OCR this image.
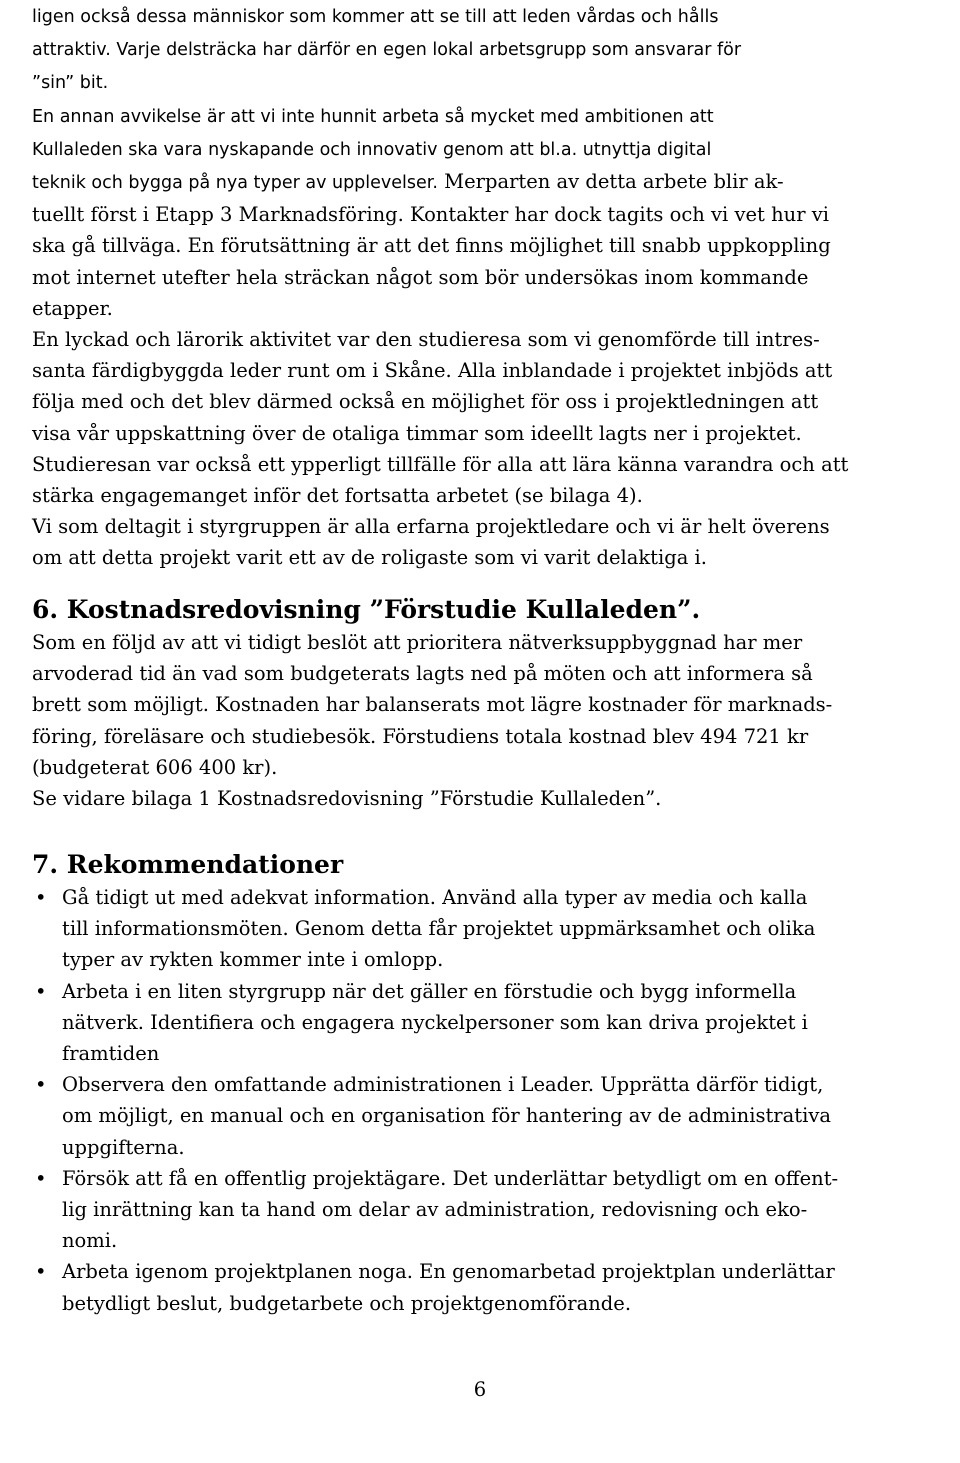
ligen också dessa människor som kommer att se till att leden vårdas och hålls

attraktiv. Varje delsträcka har därför en egen lokal arbetsgrupp som ansvarar för

”sin” bit.

En annan avvikelse är att vi inte hunnit arbeta så mycket med ambitionen att

Kullaleden ska vara nyskapande och innovativ genom att bl.a. utnyttja digital

teknik och bygga på nya typer av upplevelser. Merparten av detta arbete blir ak-

tuellt först i Etapp 3 Marknadsföring. Kontakter har dock tagits och vi vet hur vi

ska gå tillväga. En förutsättning är att det finns möjlighet till snabb uppkoppling

mot internet utefter hela sträckan något som bör undersökas inom kommande

etapper.

En lyckad och lärorik aktivitet var den studieresa som vi genomförde till intres-

santa färdigbyggda leder runt om i Skåne. Alla inblandade i projektet inbjöds att

följa med och det blev därmed också en möjlighet för oss i projektledningen att

visa vår uppskattning över de otaliga timmar som ideellt lagts ner i projektet.

Studieresan var också ett ypperligt tillfälle för alla att lära känna varandra och att

stärka engagemanget inför det fortsatta arbetet (se bilaga 4).

Vi som deltagit i styrgruppen är alla erfarna projektledare och vi är helt överens

om att detta projekt varit ett av de roligaste som vi varit delaktiga i.

6. Kostnadsredovisning ”Förstudie Kullaleden”.

Som en följd av att vi tidigt beslöt att prioritera nätverksuppbyggnad har mer

arvoderad tid än vad som budgeterats lagts ned på möten och att informera så

brett som möjligt. Kostnaden har balanserats mot lägre kostnader för marknads-

föring, föreläsare och studiebesök. Förstudiens totala kostnad blev 494 721 kr

(budgeterat 606 400 kr).

Se vidare bilaga 1 Kostnadsredovisning ”Förstudie Kullaleden”.

7. Rekommendationer
• Gå tidigt ut med adekvat information. Använd alla typer av media och kalla
till informationsmöten. Genom detta får projektet uppmärksamhet och olika
typer av rykten kommer inte i omlopp.
• Arbeta i en liten styrgrupp när det gäller en förstudie och bygg informella
nätverk. Identifiera och engagera nyckelpersoner som kan driva projektet i
framtiden
• Observera den omfattande administrationen i Leader. Upprätta därför tidigt,
om möjligt, en manual och en organisation för hantering av de administrativa
uppgifterna.
• Försök att få en offentlig projektägare. Det underlättar betydligt om en offent-
lig inrättning kan ta hand om delar av administration, redovisning och eko-
nomi.
• Arbeta igenom projektplanen noga. En genomarbetad projektplan underlättar
betydligt beslut, budgetarbete och projektgenomförande.
6
